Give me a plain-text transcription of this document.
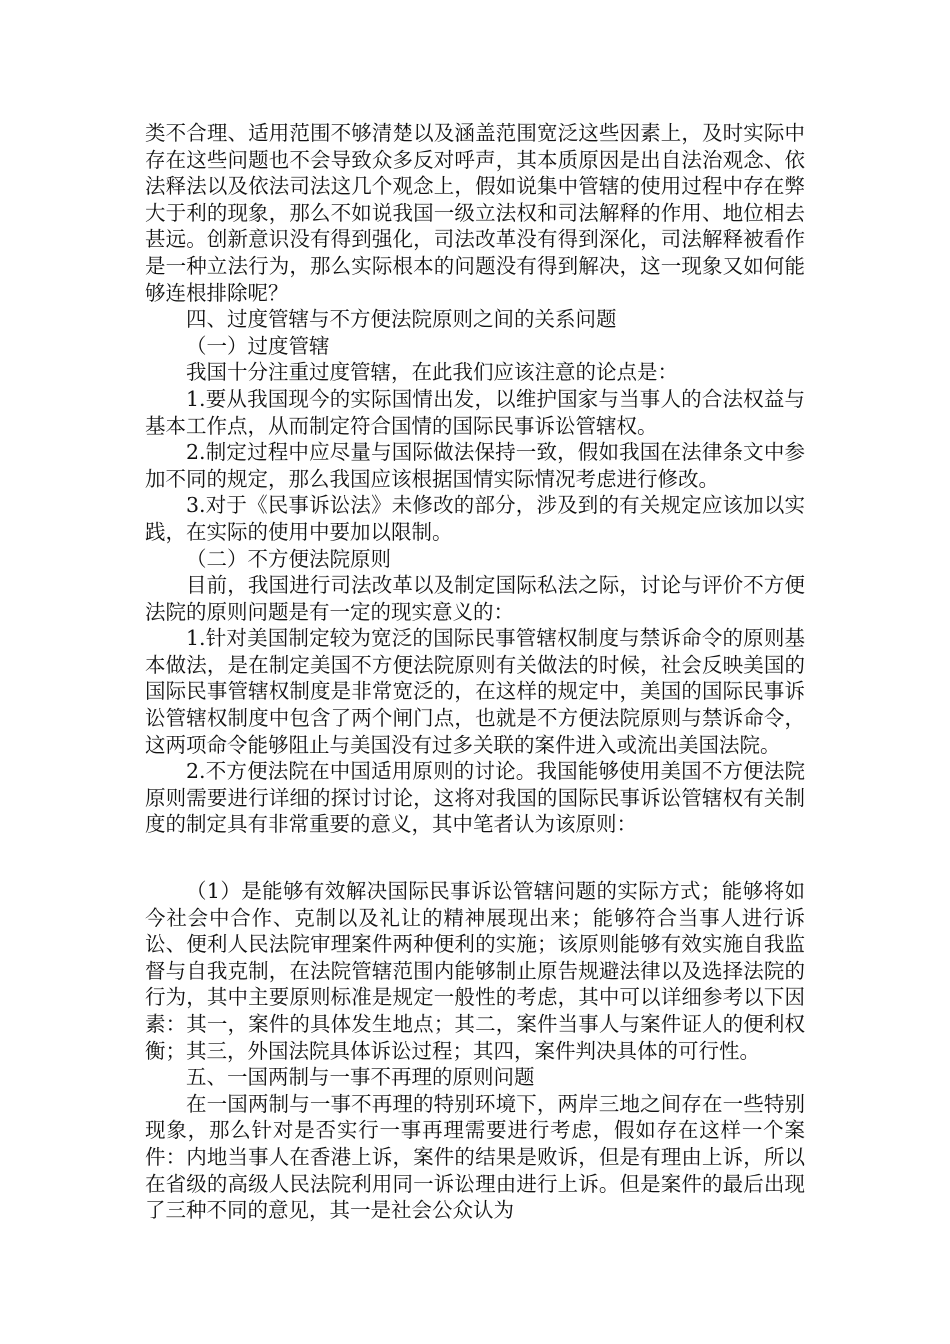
类不合理、适用范围不够清楚以及涵盖范围宽泛这些因素上，及时实际中存在这些问题也不会导致众多反对呼声，其本质原因是出自法治观念、依法释法以及依法司法这几个观念上，假如说集中管辖的使用过程中存在弊大于利的现象，那么不如说我国一级立法权和司法解释的作用、地位相去甚远。创新意识没有得到强化，司法改革没有得到深化，司法解释被看作是一种立法行为，那么实际根本的问题没有得到解决，这一现象又如何能够连根排除呢？

四、过度管辖与不方便法院原则之间的关系问题

（一）过度管辖

我国十分注重过度管辖，在此我们应该注意的论点是：

1.要从我国现今的实际国情出发，以维护国家与当事人的合法权益与基本工作点，从而制定符合国情的国际民事诉讼管辖权。

2.制定过程中应尽量与国际做法保持一致，假如我国在法律条文中参加不同的规定，那么我国应该根据国情实际情况考虑进行修改。

3.对于《民事诉讼法》未修改的部分，涉及到的有关规定应该加以实践，在实际的使用中要加以限制。

（二）不方便法院原则

目前，我国进行司法改革以及制定国际私法之际，讨论与评价不方便法院的原则问题是有一定的现实意义的：

1.针对美国制定较为宽泛的国际民事管辖权制度与禁诉命令的原则基本做法，是在制定美国不方便法院原则有关做法的时候，社会反映美国的国际民事管辖权制度是非常宽泛的，在这样的规定中，美国的国际民事诉讼管辖权制度中包含了两个闸门点，也就是不方便法院原则与禁诉命令，这两项命令能够阻止与美国没有过多关联的案件进入或流出美国法院。

2.不方便法院在中国适用原则的讨论。我国能够使用美国不方便法院原则需要进行详细的探讨讨论，这将对我国的国际民事诉讼管辖权有关制度的制定具有非常重要的意义，其中笔者认为该原则：

（1）是能够有效解决国际民事诉讼管辖问题的实际方式；能够将如今社会中合作、克制以及礼让的精神展现出来；能够符合当事人进行诉讼、便利人民法院审理案件两种便利的实施；该原则能够有效实施自我监督与自我克制，在法院管辖范围内能够制止原告规避法律以及选择法院的行为，其中主要原则标准是规定一般性的考虑，其中可以详细参考以下因素：其一，案件的具体发生地点；其二，案件当事人与案件证人的便利权衡；其三，外国法院具体诉讼过程；其四，案件判决具体的可行性。

五、一国两制与一事不再理的原则问题

在一国两制与一事不再理的特别环境下，两岸三地之间存在一些特别现象，那么针对是否实行一事再理需要进行考虑，假如存在这样一个案件：内地当事人在香港上诉，案件的结果是败诉，但是有理由上诉，所以在省级的高级人民法院利用同一诉讼理由进行上诉。但是案件的最后出现了三种不同的意见，其一是社会公众认为
